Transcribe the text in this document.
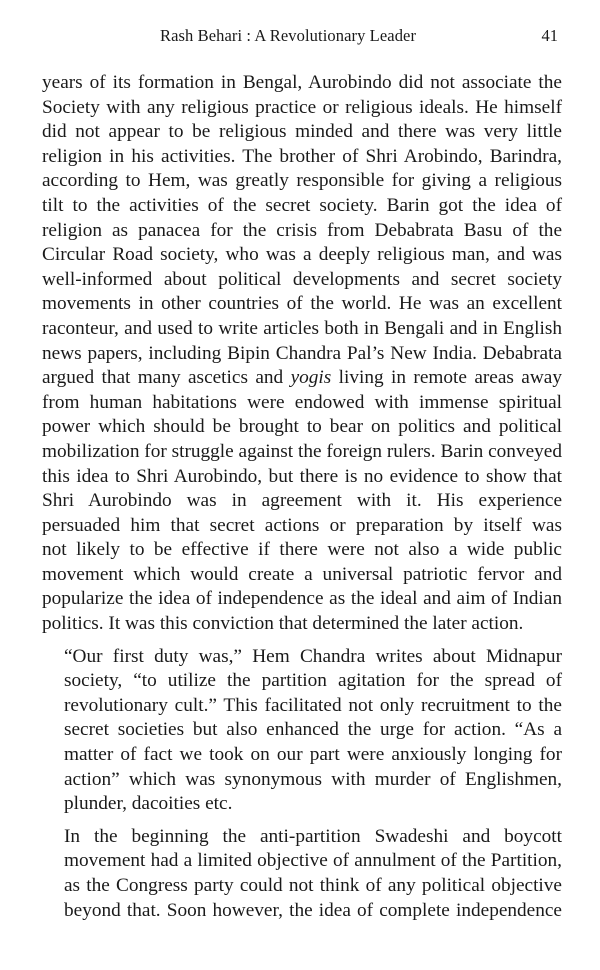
Rash Behari : A Revolutionary Leader	41
years of its formation in Bengal, Aurobindo did not associate the
Society with any religious practice or religious ideals. He himself
did not appear to be religious minded and there was very little
religion in his activities. The brother of Shri Arobindo, Barindra,
according to Hem, was greatly responsible for giving a religious
tilt to the activities of the secret society. Barin got the idea of
religion as panacea for the crisis from Debabrata Basu of the
Circular Road society, who was a deeply religious man, and was
well-informed about political developments and secret society
movements in other countries of the world. He was an excellent
raconteur, and used to write articles both in Bengali and in English
news papers, including Bipin Chandra Pal’s New India. Debabrata
argued that many ascetics and yogis living in remote areas away
from human habitations were endowed with immense spiritual
power which should be brought to bear on politics and political
mobilization for struggle against the foreign rulers. Barin conveyed
this idea to Shri Aurobindo, but there is no evidence to show that
Shri Aurobindo was in agreement with it. His experience
persuaded him that secret actions or preparation by itself was
not likely to be effective if there were not also a wide public
movement which would create a universal patriotic fervor and
popularize the idea of independence as the ideal and aim of Indian
politics. It was this conviction that determined the later action.
“Our first duty was,” Hem Chandra writes about Midnapur
society, “to utilize the partition agitation for the spread of
revolutionary cult.” This facilitated not only recruitment to the
secret societies but also enhanced the urge for action. “As a
matter of fact we took on our part were anxiously longing for
action” which was synonymous with murder of Englishmen,
plunder, dacoities etc.
In the beginning the anti-partition Swadeshi and boycott
movement had a limited objective of annulment of the Partition,
as the Congress party could not think of any political objective
beyond that. Soon however, the idea of complete independence
